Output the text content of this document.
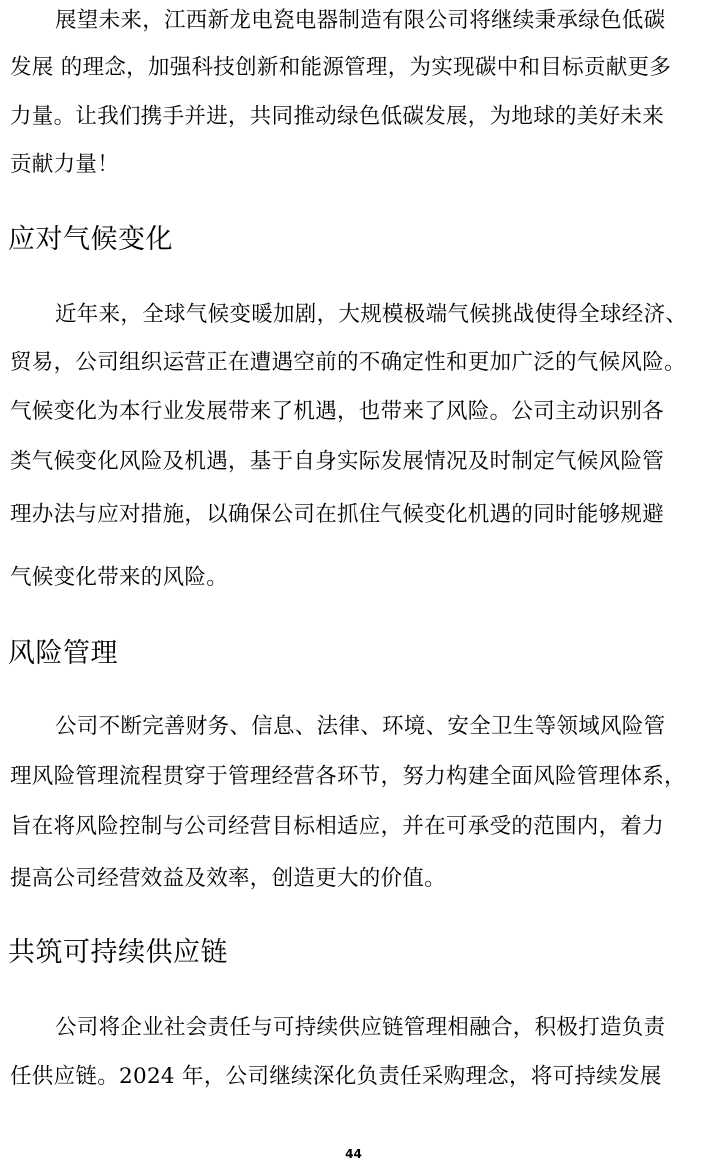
展望未来，江西新龙电瓷电器制造有限公司将继续秉承绿色低碳
发展 的理念，加强科技创新和能源管理，为实现碳中和目标贡献更多
力量。让我们携手并进，共同推动绿色低碳发展，为地球的美好未来
贡献力量！
应对气候变化
近年来，全球气候变暖加剧，大规模极端气候挑战使得全球经济、
贸易，公司组织运营正在遭遇空前的不确定性和更加广泛的气候风险。
气候变化为本行业发展带来了机遇，也带来了风险。公司主动识别各
类气候变化风险及机遇，基于自身实际发展情况及时制定气候风险管
理办法与应对措施，以确保公司在抓住气候变化机遇的同时能够规避
气候变化带来的风险。
风险管理
公司不断完善财务、信息、法律、环境、安全卫生等领域风险管
理风险管理流程贯穿于管理经营各环节，努力构建全面风险管理体系，
旨在将风险控制与公司经营目标相适应，并在可承受的范围内，着力
提高公司经营效益及效率，创造更大的价值。
共筑可持续供应链
公司将企业社会责任与可持续供应链管理相融合，积极打造负责
任供应链。2024 年，公司继续深化负责任采购理念，将可持续发展
44
